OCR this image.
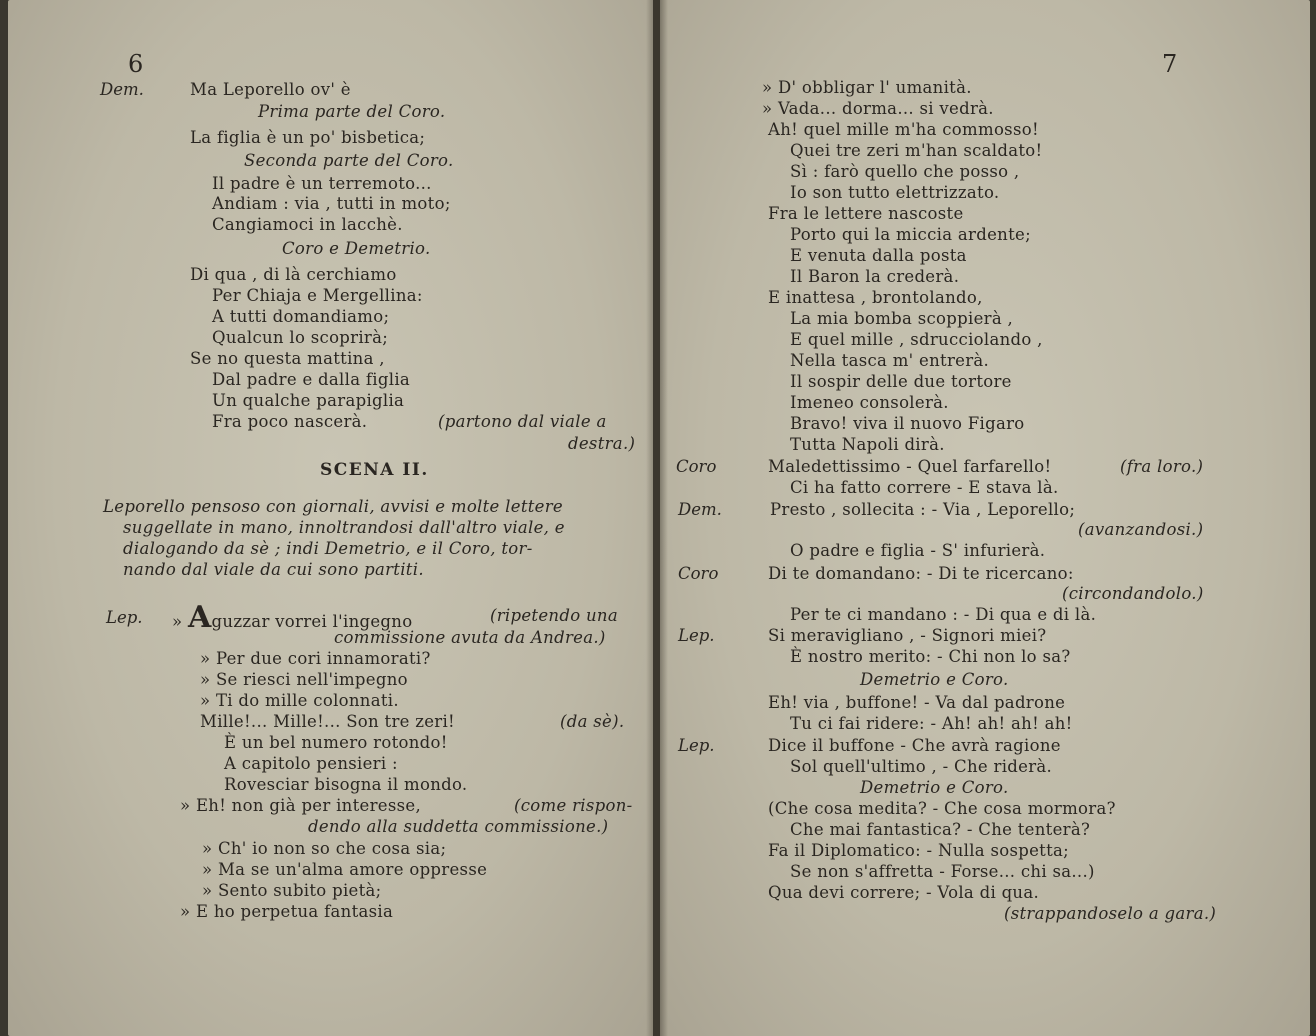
6
Dem.	Ma Leporello ov' è
Prima parte del Coro.
La figlia è un po' bisbetica;
Seconda parte del Coro.
Il padre è un terremoto...
Andiam : via , tutti in moto;
Cangiamoci in lacchè.
Coro e Demetrio.
Di qua , di là cerchiamo
Per Chiaja e Mergellina:
A tutti domandiamo;
Qualcun lo scoprirà;
Se no questa mattina ,
Dal padre e dalla figlia
Un qualche parapiglia
Fra poco nascerà.	(partono dal viale a
destra.)
SCENA II.
Leporello pensoso con giornali, avvisi e molte lettere
suggellate in mano, innoltrandosi dall'altro viale, e
dialogando da sè ; indi Demetrio, e il Coro, tor-
nando dal viale da cui sono partiti.
Lep. » Aguzzar vorrei l'ingegno	(ripetendo una
commissione avuta da Andrea.)
» Per due cori innamorati?
» Se riesci nell'impegno
» Ti do mille colonnati.
Mille!... Mille!... Son tre zeri!	(da sè).
È un bel numero rotondo!
A capitolo pensieri :
Rovesciar bisogna il mondo.
» Eh! non già per interesse,	(come rispon-
dendo alla suddetta commissione.)
» Ch' io non so che cosa sia;
» Ma se un'alma amore oppresse
» Sento subito pietà;
» E ho perpetua fantasia
7
» D' obbligar l' umanità.
» Vada... dorma... si vedrà.
Ah! quel mille m'ha commosso!
Quei tre zeri m'han scaldato!
Sì : farò quello che posso ,
Io son tutto elettrizzato.
Fra le lettere nascoste
Porto qui la miccia ardente;
E venuta dalla posta
Il Baron la crederà.
E inattesa , brontolando,
La mia bomba scoppierà ,
E quel mille , sdrucciolando ,
Nella tasca m' entrerà.
Il sospir delle due tortore
Imeneo consolerà.
Bravo! viva il nuovo Figaro
Tutta Napoli dirà.
Coro	Maledettissimo - Quel farfarello!	(fra loro.)
Ci ha fatto correre - E stava là.
Dem.	Presto , sollecita : - Via , Leporello;
(avanzandosi.)
O padre e figlia - S' infurierà.
Coro	Di te domandano: - Di te ricercano:
(circondandolo.)
Per te ci mandano : - Di qua e di là.
Lep.	Si meravigliano , - Signori miei?
È nostro merito: - Chi non lo sa?
Demetrio e Coro.
Eh! via , buffone! - Va dal padrone
Tu ci fai ridere: - Ah! ah! ah! ah!
Lep.	Dice il buffone - Che avrà ragione
Sol quell'ultimo , - Che riderà.
Demetrio e Coro.
(Che cosa medita? - Che cosa mormora?
Che mai fantastica? - Che tenterà?
Fa il Diplomatico: - Nulla sospetta;
Se non s'affretta - Forse... chi sa...)
Qua devi correre; - Vola di qua.
(strappandoselo a gara.)
